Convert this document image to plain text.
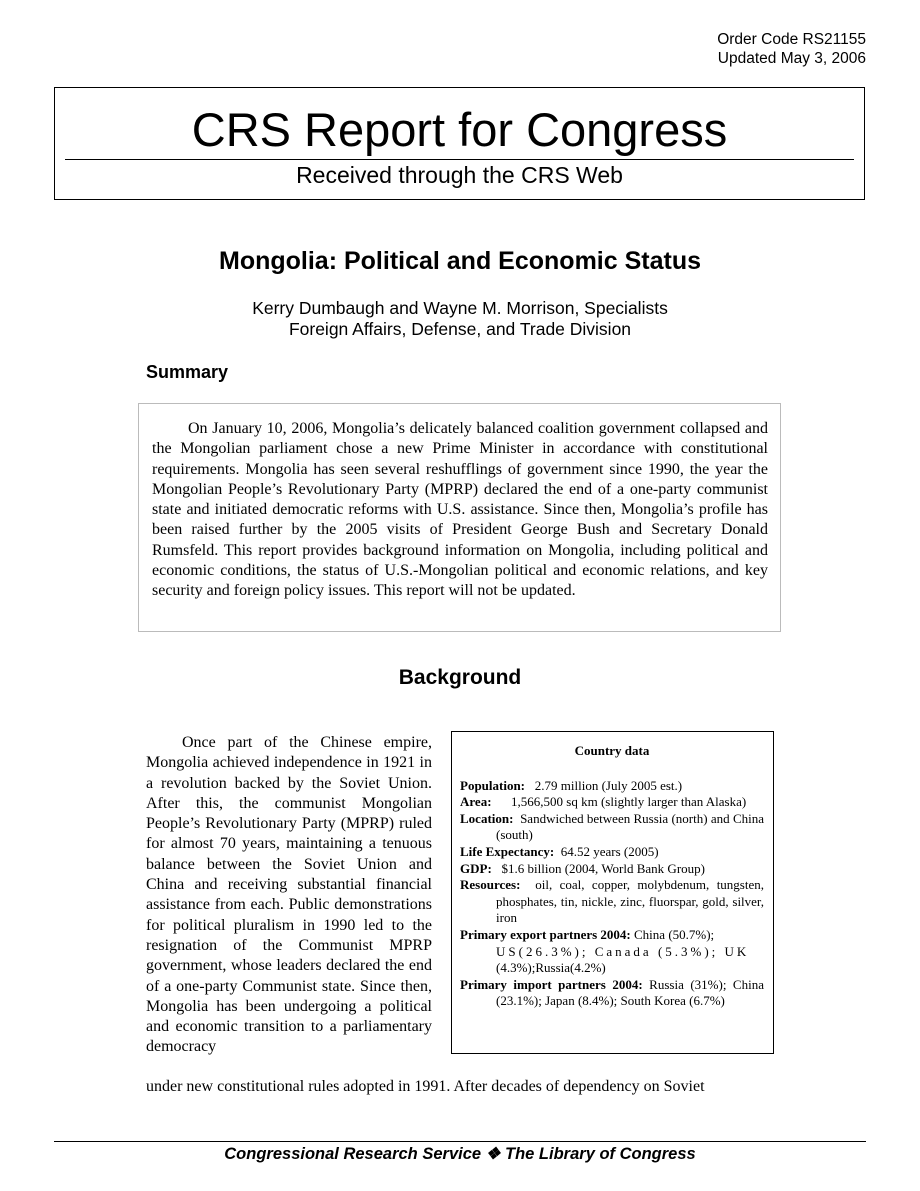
Order Code RS21155
Updated May 3, 2006
CRS Report for Congress
Received through the CRS Web
Mongolia: Political and Economic Status
Kerry Dumbaugh and Wayne M. Morrison, Specialists
Foreign Affairs, Defense, and Trade Division
Summary

On January 10, 2006, Mongolia’s delicately balanced coalition government collapsed and the Mongolian parliament chose a new Prime Minister in accordance with constitutional requirements. Mongolia has seen several reshufflings of government since 1990, the year the Mongolian People’s Revolutionary Party (MPRP) declared the end of a one-party communist state and initiated democratic reforms with U.S. assistance. Since then, Mongolia’s profile has been raised further by the 2005 visits of President George Bush and Secretary Donald Rumsfeld. This report provides background information on Mongolia, including political and economic conditions, the status of U.S.-Mongolian political and economic relations, and key security and foreign policy issues. This report will not be updated.

Background

Once part of the Chinese empire, Mongolia achieved independence in 1921 in a revolution backed by the Soviet Union. After this, the communist Mongolian People’s Revolutionary Party (MPRP) ruled for almost 70 years, maintaining a tenuous balance between the Soviet Union and China and receiving substantial financial assistance from each. Public demonstrations for political pluralism in 1990 led to the resignation of the Communist MPRP government, whose leaders declared the end of a one-party Communist state. Since then, Mongolia has been undergoing a political and economic transition to a parliamentary democracy

under new constitutional rules adopted in 1991. After decades of dependency on Soviet
Country data
Population: 2.79 million (July 2005 est.)
Area: 1,566,500 sq km (slightly larger than Alaska)
Location: Sandwiched between Russia (north) and China (south)
Life Expectancy: 64.52 years (2005)
GDP: $1.6 billion (2004, World Bank Group)
Resources: oil, coal, copper, molybdenum, tungsten, phosphates, tin, nickle, zinc, fluorspar, gold, silver, iron
Primary export partners 2004: China (50.7%);
US(26.3%); Canada (5.3%); UK
(4.3%);Russia(4.2%)
Primary import partners 2004: Russia (31%); China (23.1%); Japan (8.4%); South Korea (6.7%)
Congressional Research Service ❖ The Library of Congress
